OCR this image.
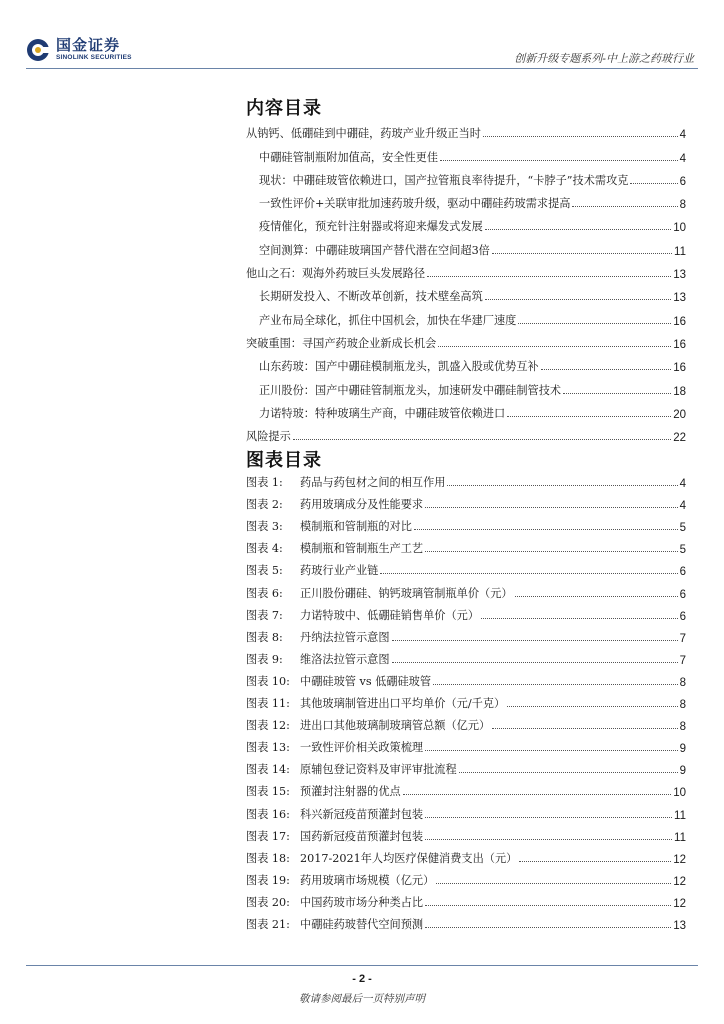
国金证券
SINOLINK SECURITIES	创新升级专题系列-中上游之药玻行业
内容目录
从钠钙、低硼硅到中硼硅，药玻产业升级正当时	4
中硼硅管制瓶附加值高，安全性更佳	4
现状：中硼硅玻管依赖进口，国产拉管瓶良率待提升，“卡脖子”技术需攻克	6
一致性评价+关联审批加速药玻升级，驱动中硼硅药玻需求提高	8
疫情催化，预充针注射器或将迎来爆发式发展	10
空间测算：中硼硅玻璃国产替代潜在空间超3倍	11
他山之石：观海外药玻巨头发展路径	13
长期研发投入、不断改革创新，技术壁垒高筑	13
产业布局全球化，抓住中国机会，加快在华建厂速度	16
突破重围：寻国产药玻企业新成长机会	16
山东药玻：国产中硼硅模制瓶龙头，凯盛入股或优势互补	16
正川股份：国产中硼硅管制瓶龙头，加速研发中硼硅制管技术	18
力诺特玻：特种玻璃生产商，中硼硅玻管依赖进口	20
风险提示	22
图表目录
图表 1:	药品与药包材之间的相互作用	4
图表 2:	药用玻璃成分及性能要求	4
图表 3:	模制瓶和管制瓶的对比	5
图表 4:	模制瓶和管制瓶生产工艺	5
图表 5:	药玻行业产业链	6
图表 6:	正川股份硼硅、钠钙玻璃管制瓶单价（元）	6
图表 7:	力诺特玻中、低硼硅销售单价（元）	6
图表 8:	丹纳法拉管示意图	7
图表 9:	维洛法拉管示意图	7
图表 10: 中硼硅玻管 vs 低硼硅玻管	8
图表 11: 其他玻璃制管进出口平均单价（元/千克）	8
图表 12: 进出口其他玻璃制玻璃管总额（亿元）	8
图表 13: 一致性评价相关政策梳理	9
图表 14: 原辅包登记资料及审评审批流程	9
图表 15: 预灌封注射器的优点	10
图表 16: 科兴新冠疫苗预灌封包装	11
图表 17: 国药新冠疫苗预灌封包装	11
图表 18: 2017-2021年人均医疗保健消费支出（元）	12
图表 19: 药用玻璃市场规模（亿元）	12
图表 20: 中国药玻市场分种类占比	12
图表 21: 中硼硅药玻替代空间预测	13
- 2 -
敬请参阅最后一页特别声明
